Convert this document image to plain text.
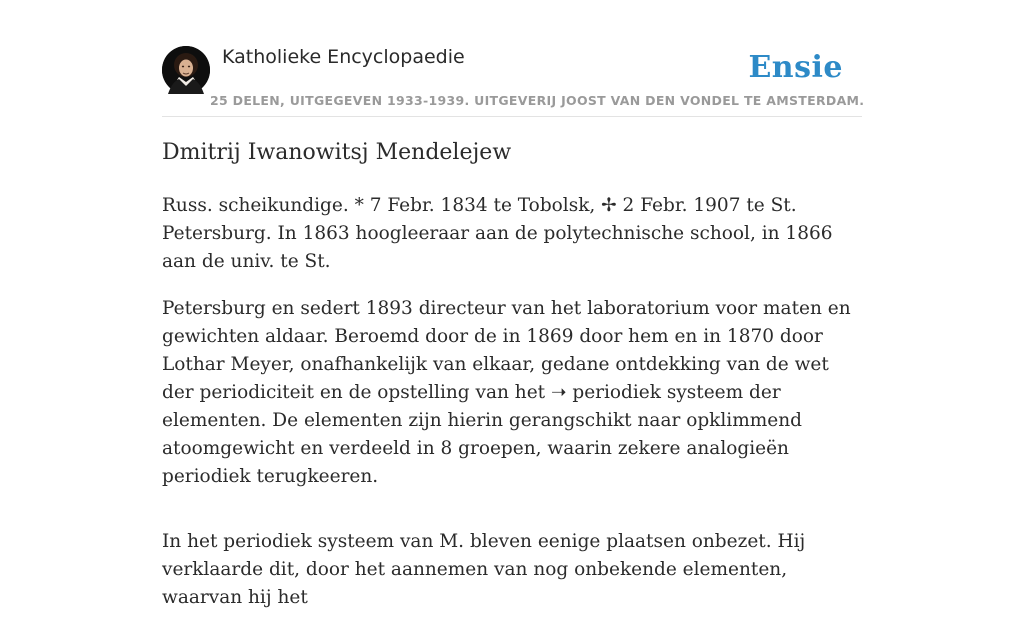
Katholieke Encyclopaedie	Ensie
25 DELEN, UITGEGEVEN 1933-1939. UITGEVERIJ JOOST VAN DEN VONDEL TE AMSTERDAM.
Dmitrij Iwanowitsj Mendelejew

Russ. scheikundige. * 7 Febr. 1834 te Tobolsk, ✢ 2 Febr. 1907 te St. Petersburg. In 1863 hoogleeraar aan de polytechnische school, in 1866 aan de univ. te St.

Petersburg en sedert 1893 directeur van het laboratorium voor maten en gewichten aldaar. Beroemd door de in 1869 door hem en in 1870 door Lothar Meyer, onafhankelijk van elkaar, gedane ontdekking van de wet der periodiciteit en de opstelling van het ➝ periodiek systeem der elementen. De elementen zijn hierin gerangschikt naar opklimmend atoomgewicht en verdeeld in 8 groepen, waarin zekere analogieën periodiek terugkeeren.

In het periodiek systeem van M. bleven eenige plaatsen onbezet. Hij verklaarde dit, door het aannemen van nog onbekende elementen, waarvan hij het
